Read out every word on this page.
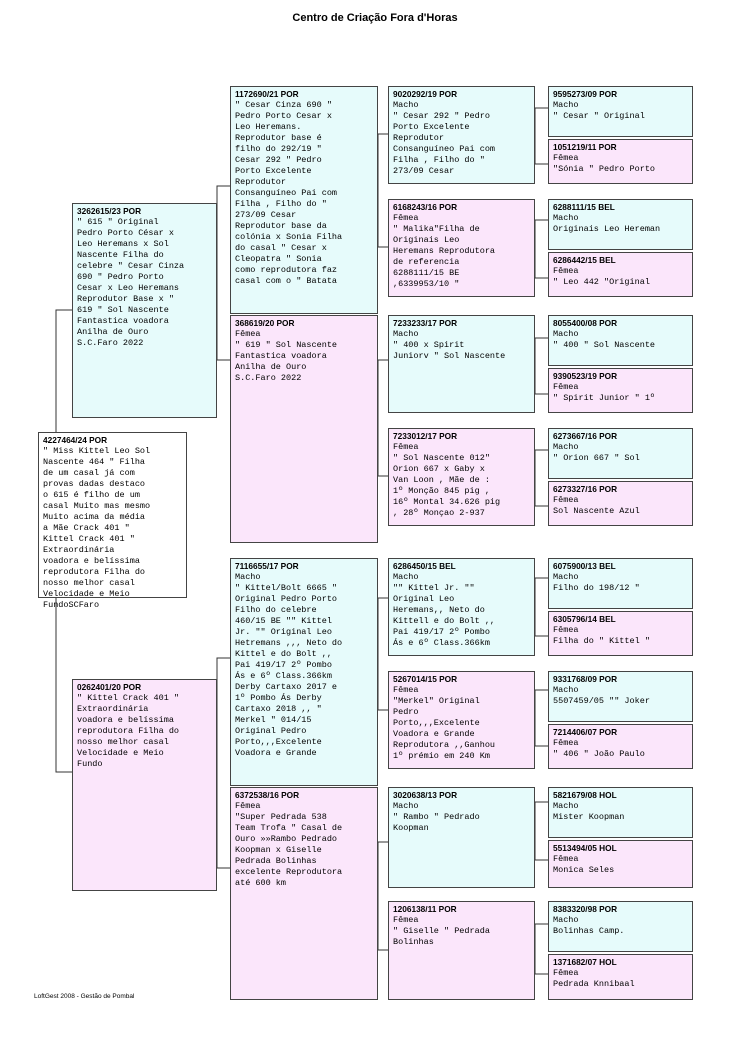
Centro de Criação Fora d'Horas
4227464/24 POR
" Miss Kittel Leo Sol
Nascente 464 " Filha
de um casal já com
provas dadas destaco
o 615 é filho de um
casal Muito mas mesmo
Muito acima da média
a Mãe Crack 401 "
Kittel Crack 401 "
Extraordinária
voadora e belíssima
reprodutora Filha do
nosso melhor casal
Velocidade e Meio
FundoSCFaro
3262615/23 POR
" 615 " Original
Pedro Porto César x
Leo Heremans x Sol
Nascente Filha do
celebre " Cesar Cinza
690 " Pedro Porto
Cesar x Leo Heremans
Reprodutor Base x "
619 " Sol Nascente
Fantastica voadora
Anilha de Ouro
S.C.Faro 2022
0262401/20 POR
" Kittel Crack 401 "
Extraordinária
voadora e belíssima
reprodutora Filha do
nosso melhor casal
Velocidade e Meio
Fundo
1172690/21 POR
" Cesar Cinza 690 "
Pedro Porto Cesar x
Leo Heremans.
Reprodutor base é
filho do 292/19 "
Cesar 292 " Pedro
Porto Excelente
Reprodutor
Consanguíneo Pai com
Filha , Filho do "
273/09 Cesar
Reprodutor base da
colónia x Sonia Filha
do casal " Cesar x
Cleopatra " Sonia
como reprodutora faz
casal com o " Batata
368619/20 POR
Fêmea
" 619 " Sol Nascente
Fantastica voadora
Anilha de Ouro
S.C.Faro 2022
7116655/17 POR
Macho
" Kittel/Bolt 6665 "
Original Pedro Porto
Filho do celebre
460/15 BE "" Kittel
Jr. "" Original Leo
Hetremans ,,, Neto do
Kittel e do Bolt ,,
Pai 419/17 2º Pombo
Ás e 6º Class.366km
Derby Cartaxo 2017 e
1º Pombo Ás Derby
Cartaxo 2018 ,, "
Merkel " 014/15
Original Pedro
Porto,,,Excelente
Voadora e Grande
6372538/16 POR
Fêmea
"Super Pedrada 538
Team Trofa " Casal de
Ouro »»Rambo Pedrado
Koopman x Giselle
Pedrada Bolinhas
excelente Reprodutora
até 600 km
9020292/19 POR
Macho
" Cesar 292 " Pedro
Porto Excelente
Reprodutor
Consanguíneo Pai com
Filha , Filho do "
273/09 Cesar
6168243/16 POR
Fêmea
" Malika"Filha de
Originais Leo
Heremans Reprodutora
de referencia
6288111/15 BE
,6339953/10 "
7233233/17 POR
Macho
" 400 x Spirit
Juniorv " Sol Nascente
7233012/17 POR
Fêmea
" Sol Nascente 012"
Orion 667 x Gaby x
Van Loon , Mãe de :
1º Monção 845 pig ,
16º Montal 34.626 pig
, 28º Monçao 2-937
6286450/15 BEL
Macho
"" Kittel Jr. ""
Original Leo
Heremans,, Neto do
Kittell e do Bolt ,,
Pai 419/17 2º Pombo
Ás e 6º Class.366km
5267014/15 POR
Fêmea
"Merkel" Original
Pedro
Porto,,,Excelente
Voadora e Grande
Reprodutora ,,Ganhou
1º prémio em 240 Km
3020638/13 POR
Macho
" Rambo " Pedrado
Koopman
1206138/11 POR
Fêmea
" Giselle " Pedrada
Bolinhas
9595273/09 POR
Macho
" Cesar " Original
1051219/11 POR
Fêmea
"Sónia " Pedro Porto
6288111/15 BEL
Macho
Originais Leo Hereman
6286442/15 BEL
Fêmea
" Leo 442 "Original
8055400/08 POR
Macho
" 400 " Sol Nascente
9390523/19 POR
Fêmea
" Spirit Junior " 1º
6273667/16 POR
Macho
" Orion 667 " Sol
6273327/16 POR
Fêmea
Sol Nascente Azul
6075900/13 BEL
Macho
Filho do 198/12 "
6305796/14 BEL
Fêmea
Filha do " Kittel "
9331768/09 POR
Macho
5507459/05 "" Joker
7214406/07 POR
Fêmea
" 406 " João Paulo
5821679/08 HOL
Macho
Mister Koopman
5513494/05 HOL
Fêmea
Monica Seles
8383320/98 POR
Macho
Bolinhas Camp.
1371682/07 HOL
Fêmea
Pedrada Knnibaal
LoftGest 2008 - Gestão de Pombal
